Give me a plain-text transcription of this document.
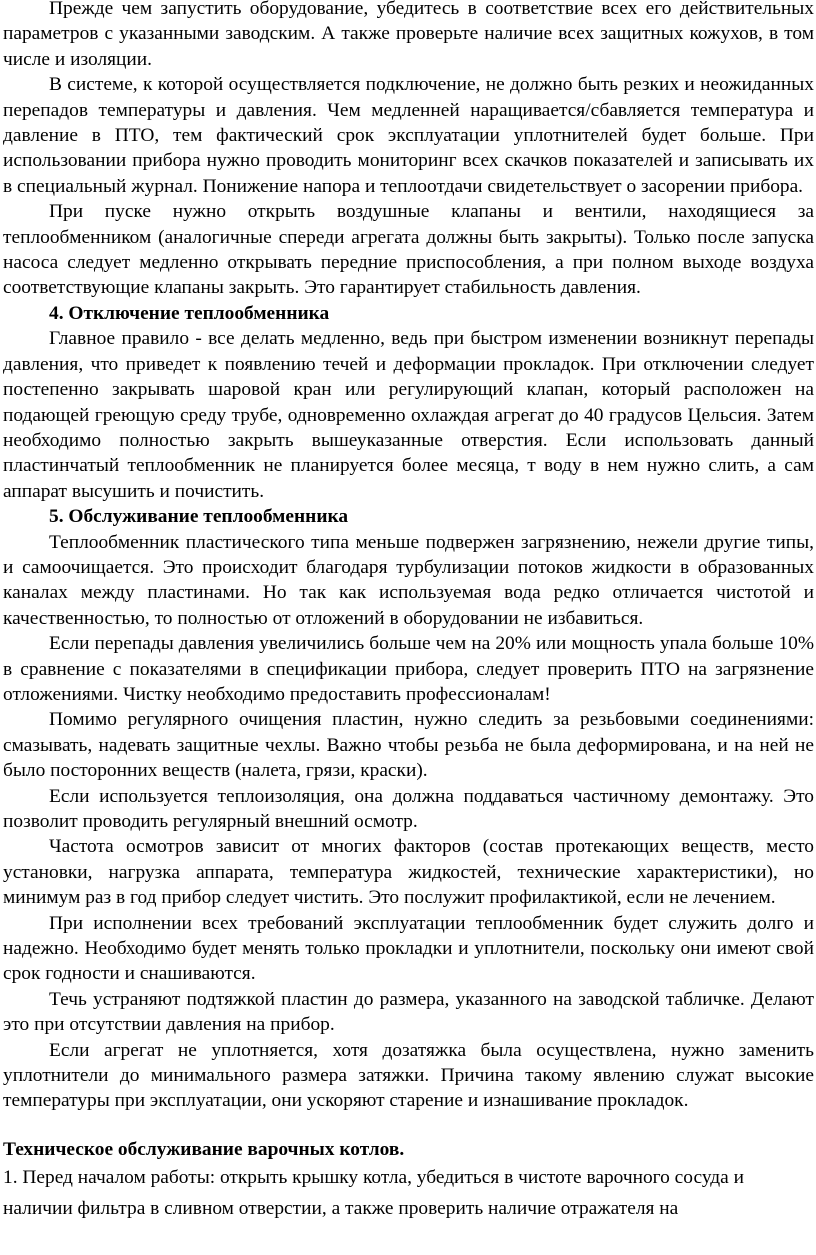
Прежде чем запустить оборудование, убедитесь в соответствие всех его действительных параметров с указанными заводским. А также проверьте наличие всех защитных кожухов, в том числе и изоляции.

В системе, к которой осуществляется подключение, не должно быть резких и неожиданных перепадов температуры и давления. Чем медленней наращивается/сбавляется температура и давление в ПТО, тем фактический срок эксплуатации уплотнителей будет больше. При использовании прибора нужно проводить мониторинг всех скачков показателей и записывать их в специальный журнал. Понижение напора и теплоотдачи свидетельствует о засорении прибора.

При пуске нужно открыть воздушные клапаны и вентили, находящиеся за теплообменником (аналогичные спереди агрегата должны быть закрыты). Только после запуска насоса следует медленно открывать передние приспособления, а при полном выходе воздуха соответствующие клапаны закрыть. Это гарантирует стабильность давления.

4. Отключение теплообменника

Главное правило - все делать медленно, ведь при быстром изменении возникнут перепады давления, что приведет к появлению течей и деформации прокладок. При отключении следует постепенно закрывать шаровой кран или регулирующий клапан, который расположен на подающей греющую среду трубе, одновременно охлаждая агрегат до 40 градусов Цельсия. Затем необходимо полностью закрыть вышеуказанные отверстия. Если использовать данный пластинчатый теплообменник не планируется более месяца, т воду в нем нужно слить, а сам аппарат высушить и почистить.

5. Обслуживание теплообменника

Теплообменник пластического типа меньше подвержен загрязнению, нежели другие типы, и самоочищается. Это происходит благодаря турбулизации потоков жидкости в образованных каналах между пластинами. Но так как используемая вода редко отличается чистотой и качественностью, то полностью от отложений в оборудовании не избавиться.

Если перепады давления увеличились больше чем на 20% или мощность упала больше 10% в сравнение с показателями в спецификации прибора, следует проверить ПТО на загрязнение отложениями. Чистку необходимо предоставить профессионалам!

Помимо регулярного очищения пластин, нужно следить за резьбовыми соединениями: смазывать, надевать защитные чехлы. Важно чтобы резьба не была деформирована, и на ней не было посторонних веществ (налета, грязи, краски).

Если используется теплоизоляция, она должна поддаваться частичному демонтажу. Это позволит проводить регулярный внешний осмотр.

Частота осмотров зависит от многих факторов (состав протекающих веществ, место установки, нагрузка аппарата, температура жидкостей, технические характеристики), но минимум раз в год прибор следует чистить. Это послужит профилактикой, если не лечением.

При исполнении всех требований эксплуатации теплообменник будет служить долго и надежно. Необходимо будет менять только прокладки и уплотнители, поскольку они имеют свой срок годности и снашиваются.

Течь устраняют подтяжкой пластин до размера, указанного на заводской табличке. Делают это при отсутствии давления на прибор.

Если агрегат не уплотняется, хотя дозатяжка была осуществлена, нужно заменить уплотнители до минимального размера затяжки. Причина такому явлению служат высокие температуры при эксплуатации, они ускоряют старение и изнашивание прокладок.

Техническое обслуживание варочных котлов.

1. Перед началом работы: открыть крышку котла, убедиться в чистоте варочного сосуда и наличии фильтра в сливном отверстии, а также проверить наличие отражателя на
